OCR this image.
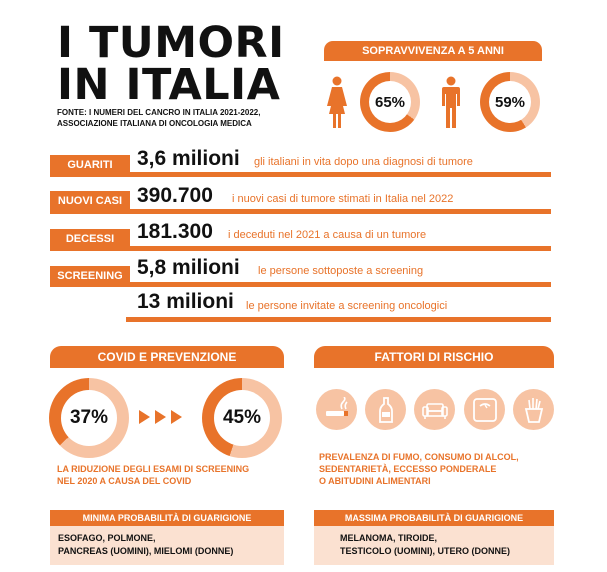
I TUMORI
IN ITALIA
FONTE: I NUMERI DEL CANCRO IN ITALIA 2021-2022,
ASSOCIAZIONE ITALIANA DI ONCOLOGIA MEDICA
SOPRAVVIVENZA A 5 ANNI
65%	59%
GUARITI	3,6 milioni gli italiani in vita dopo una diagnosi di tumore
NUOVI CASI 390.700 i nuovi casi di tumore stimati in Italia nel 2022
DECESSI	181.300 i deceduti nel 2021 a causa di un tumore
SCREENING 5,8 milioni le persone sottoposte a screening
13 milioni le persone invitate a screening oncologici
COVID E PREVENZIONE
37%	45%
LA RIDUZIONE DEGLI ESAMI DI SCREENING
NEL 2020 A CAUSA DEL COVID
FATTORI DI RISCHIO
PREVALENZA DI FUMO, CONSUMO DI ALCOL,
SEDENTARIETÀ, ECCESSO PONDERALE
O ABITUDINI ALIMENTARI
MINIMA PROBABILITÀ DI GUARIGIONE
ESOFAGO, POLMONE,
PANCREAS (UOMINI), MIELOMI (DONNE)
MASSIMA PROBABILITÀ DI GUARIGIONE
MELANOMA, TIROIDE,
TESTICOLO (UOMINI), UTERO (DONNE)
